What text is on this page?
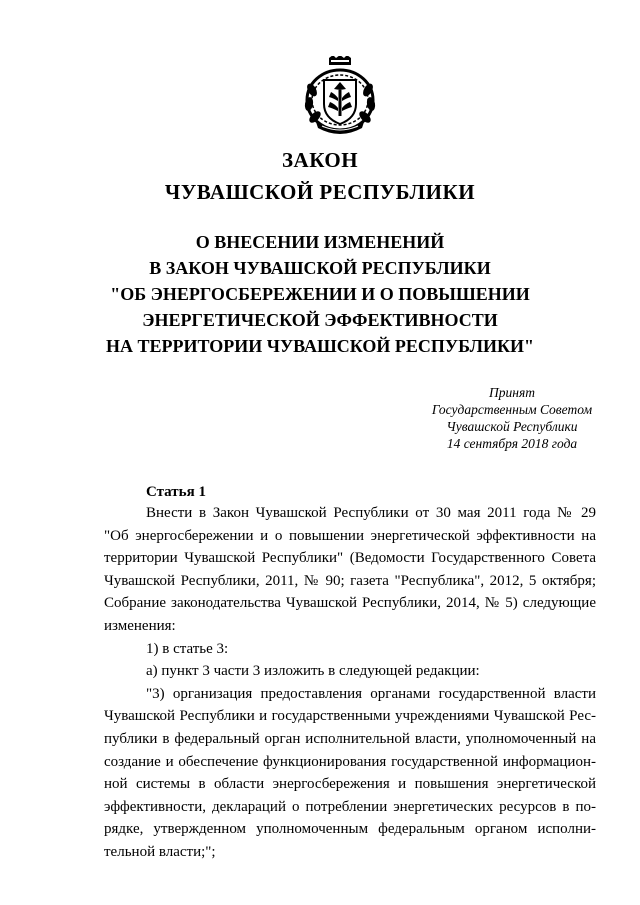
ЗАКОН
ЧУВАШСКОЙ РЕСПУБЛИКИ
О ВНЕСЕНИИ ИЗМЕНЕНИЙ
В ЗАКОН ЧУВАШСКОЙ РЕСПУБЛИКИ
"ОБ ЭНЕРГОСБЕРЕЖЕНИИ И О ПОВЫШЕНИИ
ЭНЕРГЕТИЧЕСКОЙ ЭФФЕКТИВНОСТИ
НА ТЕРРИТОРИИ ЧУВАШСКОЙ РЕСПУБЛИКИ"
Принят
Государственным Советом
Чувашской Республики
14 сентября 2018 года
Статья 1
Внести в Закон Чувашской Республики от 30 мая 2011 года № 29
"Об энергосбережении и о повышении энергетической эффективности на
территории Чувашской Республики" (Ведомости Государственного Совета
Чувашской Республики, 2011, № 90; газета "Республика", 2012, 5 октября;
Собрание законодательства Чувашской Республики, 2014, № 5) следующие
изменения:
1) в статье 3:
а) пункт 3 части 3 изложить в следующей редакции:
"3) организация предоставления органами государственной власти
Чувашской Республики и государственными учреждениями Чувашской Рес-
публики в федеральный орган исполнительной власти, уполномоченный на
создание и обеспечение функционирования государственной информацион-
ной системы в области энергосбережения и повышения энергетической
эффективности, деклараций о потреблении энергетических ресурсов в по-
рядке, утвержденном уполномоченным федеральным органом исполни-
тельной власти;";
